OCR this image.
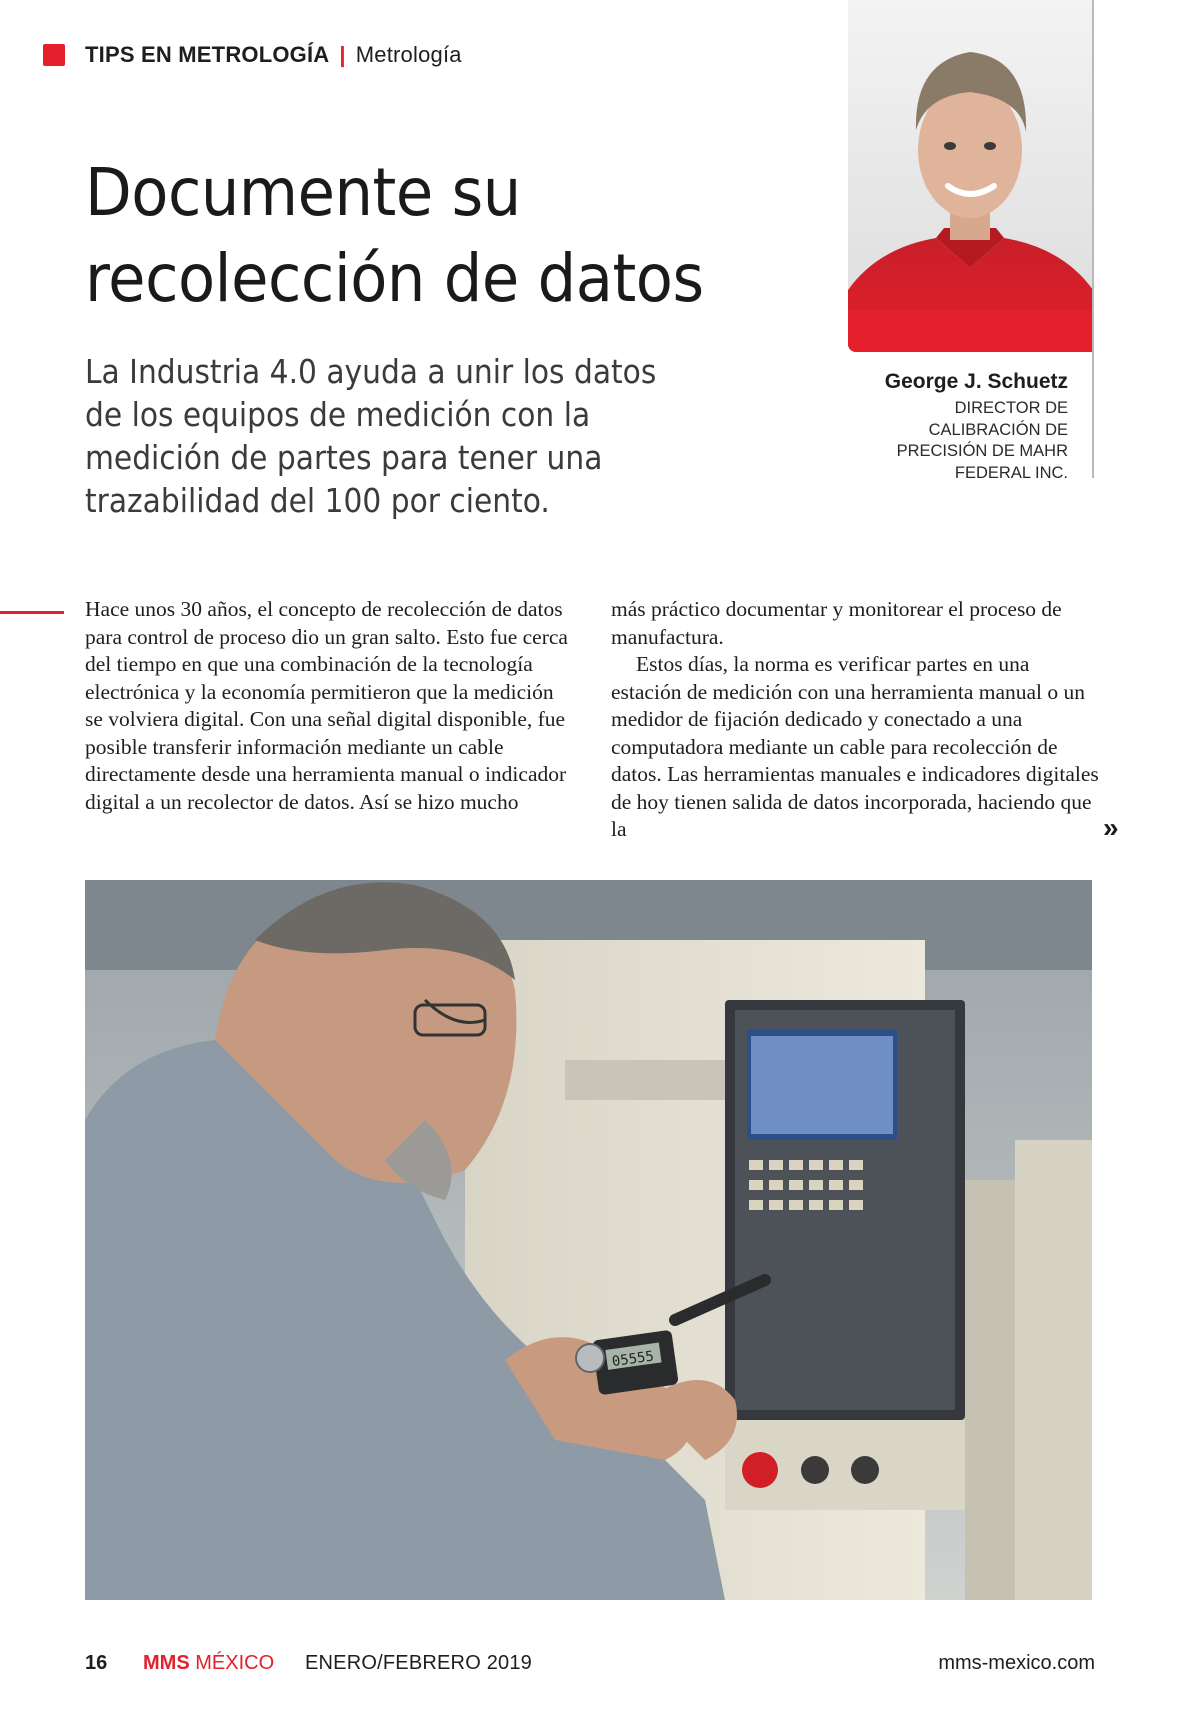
TIPS EN METROLOGÍA | Metrología
Documente su recolección de datos

La Industria 4.0 ayuda a unir los datos de los equipos de medición con la medición de partes para tener una trazabilidad del 100 por ciento.

George J. Schuetz
DIRECTOR DE CALIBRACIÓN DE PRECISIÓN DE MAHR FEDERAL INC.

Hace unos 30 años, el concepto de recolección de datos para control de proceso dio un gran salto. Esto fue cerca del tiempo en que una combinación de la tecnología electrónica y la economía permitieron que la medición se volviera digital. Con una señal digital disponible, fue posible transferir información mediante un cable directamente desde una herramienta manual o indicador digital a un recolector de datos. Así se hizo mucho

más práctico documentar y monitorear el proceso de manufactura.
Estos días, la norma es verificar partes en una estación de medición con una herramienta manual o un medidor de fijación dedicado y conectado a una computadora mediante un cable para recolección de datos. Las herramientas manuales e indicadores digitales de hoy tienen salida de datos incorporada, haciendo que la	»
05555
16 MMS MÉXICO ENERO/FEBRERO 2019	mms-mexico.com
